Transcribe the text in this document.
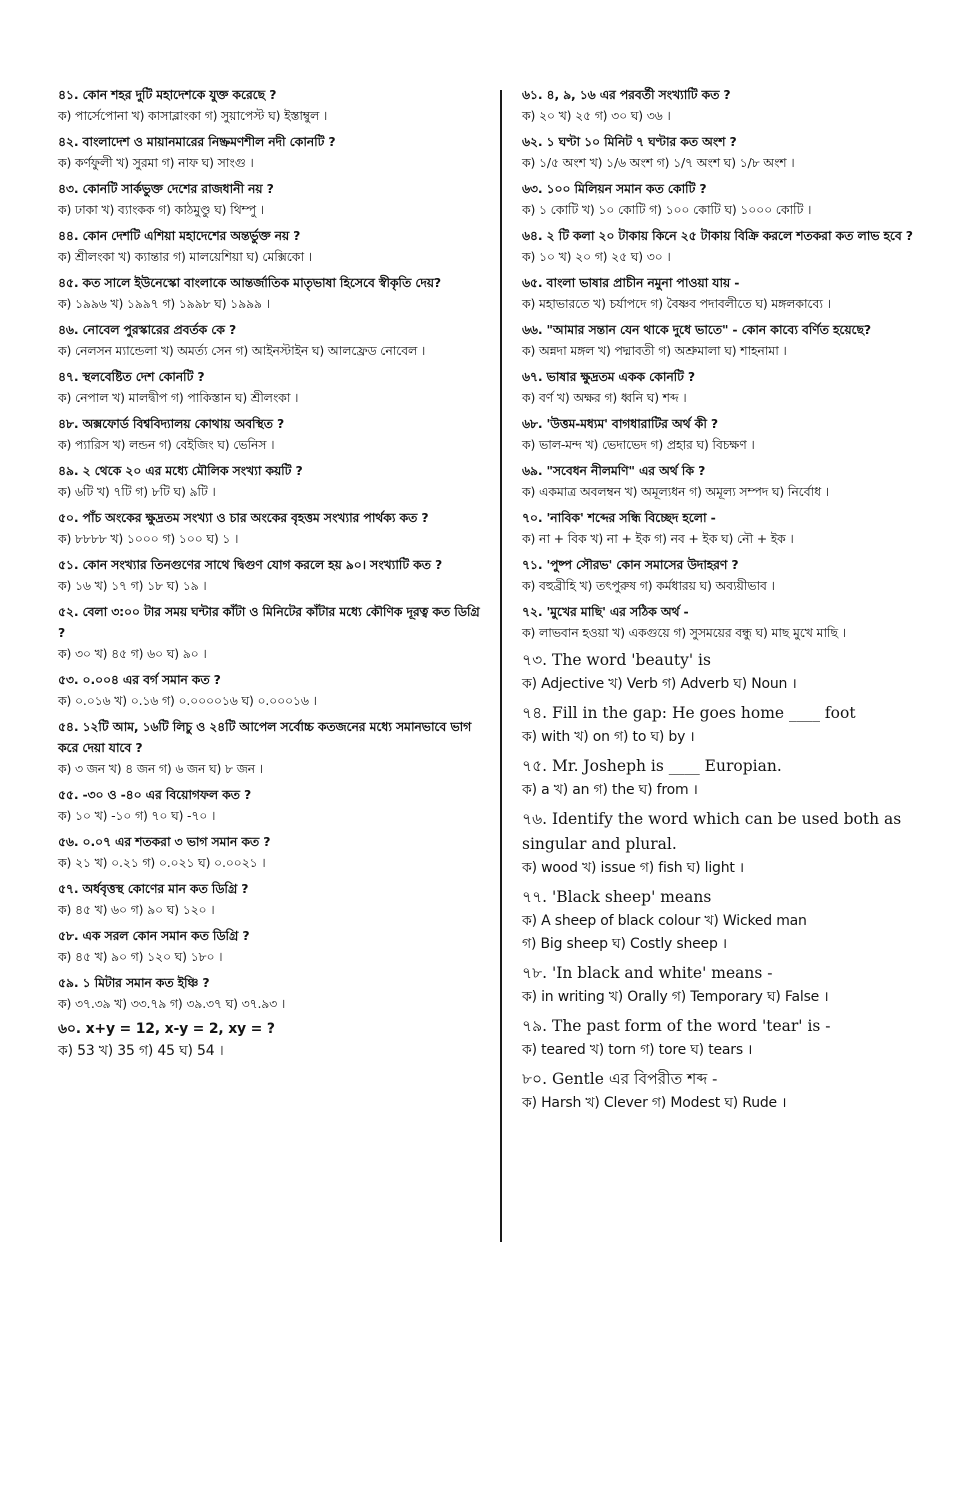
৪১. কোন শহর দুটি মহাদেশকে যুক্ত করেছে ?
ক) পার্সেপোনা খ) কাসাব্লাংকা গ) সুয়াপেস্ট ঘ) ইস্তাম্বুল ।
৪২. বাংলাদেশ ও মায়ানমারের নিষ্ক্রমণশীল নদী কোনটি ?
ক) কর্ণফুলী খ) সুরমা গ) নাফ ঘ) সাংগু ।
৪৩. কোনটি সার্কভুক্ত দেশের রাজধানী নয় ?
ক) ঢাকা খ) ব্যাংকক গ) কাঠমুণ্ডু ঘ) থিম্পু ।
৪৪. কোন দেশটি এশিয়া মহাদেশের অন্তর্ভুক্ত নয় ?
ক) শ্রীলংকা খ) ক্যান্তার গ) মালয়েশিয়া ঘ) মেক্সিকো ।
৪৫. কত সালে ইউনেস্কো বাংলাকে আন্তর্জাতিক মাতৃভাষা হিসেবে স্বীকৃতি দেয়?
ক) ১৯৯৬ খ) ১৯৯৭ গ) ১৯৯৮ ঘ) ১৯৯৯ ।
৪৬. নোবেল পুরস্কারের প্রবর্তক কে ?
ক) নেলসন ম্যান্ডেলা খ) অমর্ত্য সেন গ) আইনস্টাইন ঘ) আলফ্রেড নোবেল ।
৪৭. স্থলবেষ্টিত দেশ কোনটি ?
ক) নেপাল খ) মালদ্বীপ গ) পাকিস্তান ঘ) শ্রীলংকা ।
৪৮. অক্সফোর্ড বিশ্ববিদ্যালয় কোথায় অবস্থিত ?
ক) প্যারিস খ) লন্ডন গ) বেইজিং ঘ) ভেনিস ।
৪৯. ২ থেকে ২০ এর মধ্যে মৌলিক সংখ্যা কয়টি ?
ক) ৬টি খ) ৭টি গ) ৮টি ঘ) ৯টি ।
৫০. পাঁচ অংকের ক্ষুদ্রতম সংখ্যা ও চার অংকের বৃহত্তম সংখ্যার পার্থক্য কত ?
ক) ৮৮৮৮ খ) ১০০০ গ) ১০০ ঘ) ১ ।
৫১. কোন সংখ্যার তিনগুণের সাথে দ্বিগুণ যোগ করলে হয় ৯০। সংখ্যাটি কত ?
ক) ১৬ খ) ১৭ গ) ১৮ ঘ) ১৯ ।
৫২. বেলা ৩:০০ টার সময় ঘন্টার কাঁটা ও মিনিটের কাঁটার মধ্যে কৌণিক দূরত্ব কত ডিগ্রি ?
ক) ৩০ খ) ৪৫ গ) ৬০ ঘ) ৯০ ।
৫৩. ০.০০৪ এর বর্গ সমান কত ?
ক) ০.০১৬ খ) ০.১৬ গ) ০.০০০০১৬ ঘ) ০.০০০১৬ ।
৫৪. ১২টি আম, ১৬টি লিচু ও ২৪টি আপেল সর্বোচ্চ কতজনের মধ্যে সমানভাবে ভাগ করে দেয়া যাবে ?
ক) ৩ জন খ) ৪ জন গ) ৬ জন ঘ) ৮ জন ।
৫৫. -৩০ ও -৪০ এর বিয়োগফল কত ?
ক) ১০ খ) -১০ গ) ৭০ ঘ) -৭০ ।
৫৬. ০.০৭ এর শতকরা ৩ ভাগ সমান কত ?
ক) ২১ খ) ০.২১ গ) ০.০২১ ঘ) ০.০০২১ ।
৫৭. অর্ধবৃত্তস্থ কোণের মান কত ডিগ্রি ?
ক) ৪৫ খ) ৬০ গ) ৯০ ঘ) ১২০ ।
৫৮. এক সরল কোন সমান কত ডিগ্রি ?
ক) ৪৫ খ) ৯০ গ) ১২০ ঘ) ১৮০ ।
৫৯. ১ মিটার সমান কত ইঞ্চি ?
ক) ৩৭.৩৯ খ) ৩৩.৭৯ গ) ৩৯.৩৭ ঘ) ৩৭.৯৩ ।
৬০. x+y = 12, x-y = 2, xy = ?
ক) 53 খ) 35 গ) 45 ঘ) 54 ।
৬১. ৪, ৯, ১৬ এর পরবর্তী সংখ্যাটি কত ?
ক) ২০ খ) ২৫ গ) ৩০ ঘ) ৩৬ ।
৬২. ১ ঘণ্টা ১০ মিনিট ৭ ঘণ্টার কত অংশ ?
ক) ১/৫ অংশ খ) ১/৬ অংশ গ) ১/৭ অংশ ঘ) ১/৮ অংশ ।
৬৩. ১০০ মিলিয়ন সমান কত কোটি ?
ক) ১ কোটি খ) ১০ কোটি গ) ১০০ কোটি ঘ) ১০০০ কোটি ।
৬৪. ২ টি কলা ২০ টাকায় কিনে ২৫ টাকায় বিক্রি করলে শতকরা কত লাভ হবে ?
ক) ১০ খ) ২০ গ) ২৫ ঘ) ৩০ ।
৬৫. বাংলা ভাষার প্রাচীন নমুনা পাওয়া যায় -
ক) মহাভারতে খ) চর্যাপদে গ) বৈষ্ণব পদাবলীতে ঘ) মঙ্গলকাব্যে ।
৬৬. "আমার সন্তান যেন থাকে দুধে ভাতে" - কোন কাব্যে বর্ণিত হয়েছে?
ক) অন্নদা মঙ্গল খ) পদ্মাবতী গ) অশ্রুমালা ঘ) শাহনামা ।
৬৭. ভাষার ক্ষুদ্রতম একক কোনটি ?
ক) বর্ণ খ) অক্ষর গ) ধ্বনি ঘ) শব্দ ।
৬৮. 'উত্তম-মধ্যম' বাগধারাটির অর্থ কী ?
ক) ভাল-মন্দ খ) ভেদাভেদ গ) প্রহার ঘ) বিচক্ষণ ।
৬৯. "সবেধন নীলমণি" এর অর্থ কি ?
ক) একমাত্র অবলম্বন খ) অমূল্যধন গ) অমূল্য সম্পদ ঘ) নির্বোধ ।
৭০. 'নাবিক' শব্দের সন্ধি বিচ্ছেদ হলো -
ক) না + বিক খ) না + ইক গ) নব + ইক ঘ) নৌ + ইক ।
৭১. 'পুষ্প সৌরভ' কোন সমাসের উদাহরণ ?
ক) বহুব্রীহি খ) তৎপুরুষ গ) কর্মধারয় ঘ) অব্যয়ীভাব ।
৭২. 'মুখের মাছি' এর সঠিক অর্থ -
ক) লাভবান হওয়া খ) একগুয়ে গ) সুসময়ের বন্ধু ঘ) মাছ মুখে মাছি ।
৭৩. The word 'beauty' is
ক) Adjective খ) Verb গ) Adverb ঘ) Noun ।
৭৪. Fill in the gap: He goes home ____ foot
ক) with খ) on গ) to ঘ) by ।
৭৫. Mr. Josheph is ____ Europian.
ক) a খ) an গ) the ঘ) from ।
৭৬. Identify the word which can be used both as singular and plural.
ক) wood খ) issue গ) fish ঘ) light ।
৭৭. 'Black sheep' means
ক) A sheep of black colour খ) Wicked man
গ) Big sheep ঘ) Costly sheep ।
৭৮. 'In black and white' means -
ক) in writing খ) Orally গ) Temporary ঘ) False ।
৭৯. The past form of the word 'tear' is -
ক) teared খ) torn গ) tore ঘ) tears ।
৮০. Gentle এর বিপরীত শব্দ -
ক) Harsh খ) Clever গ) Modest ঘ) Rude ।
